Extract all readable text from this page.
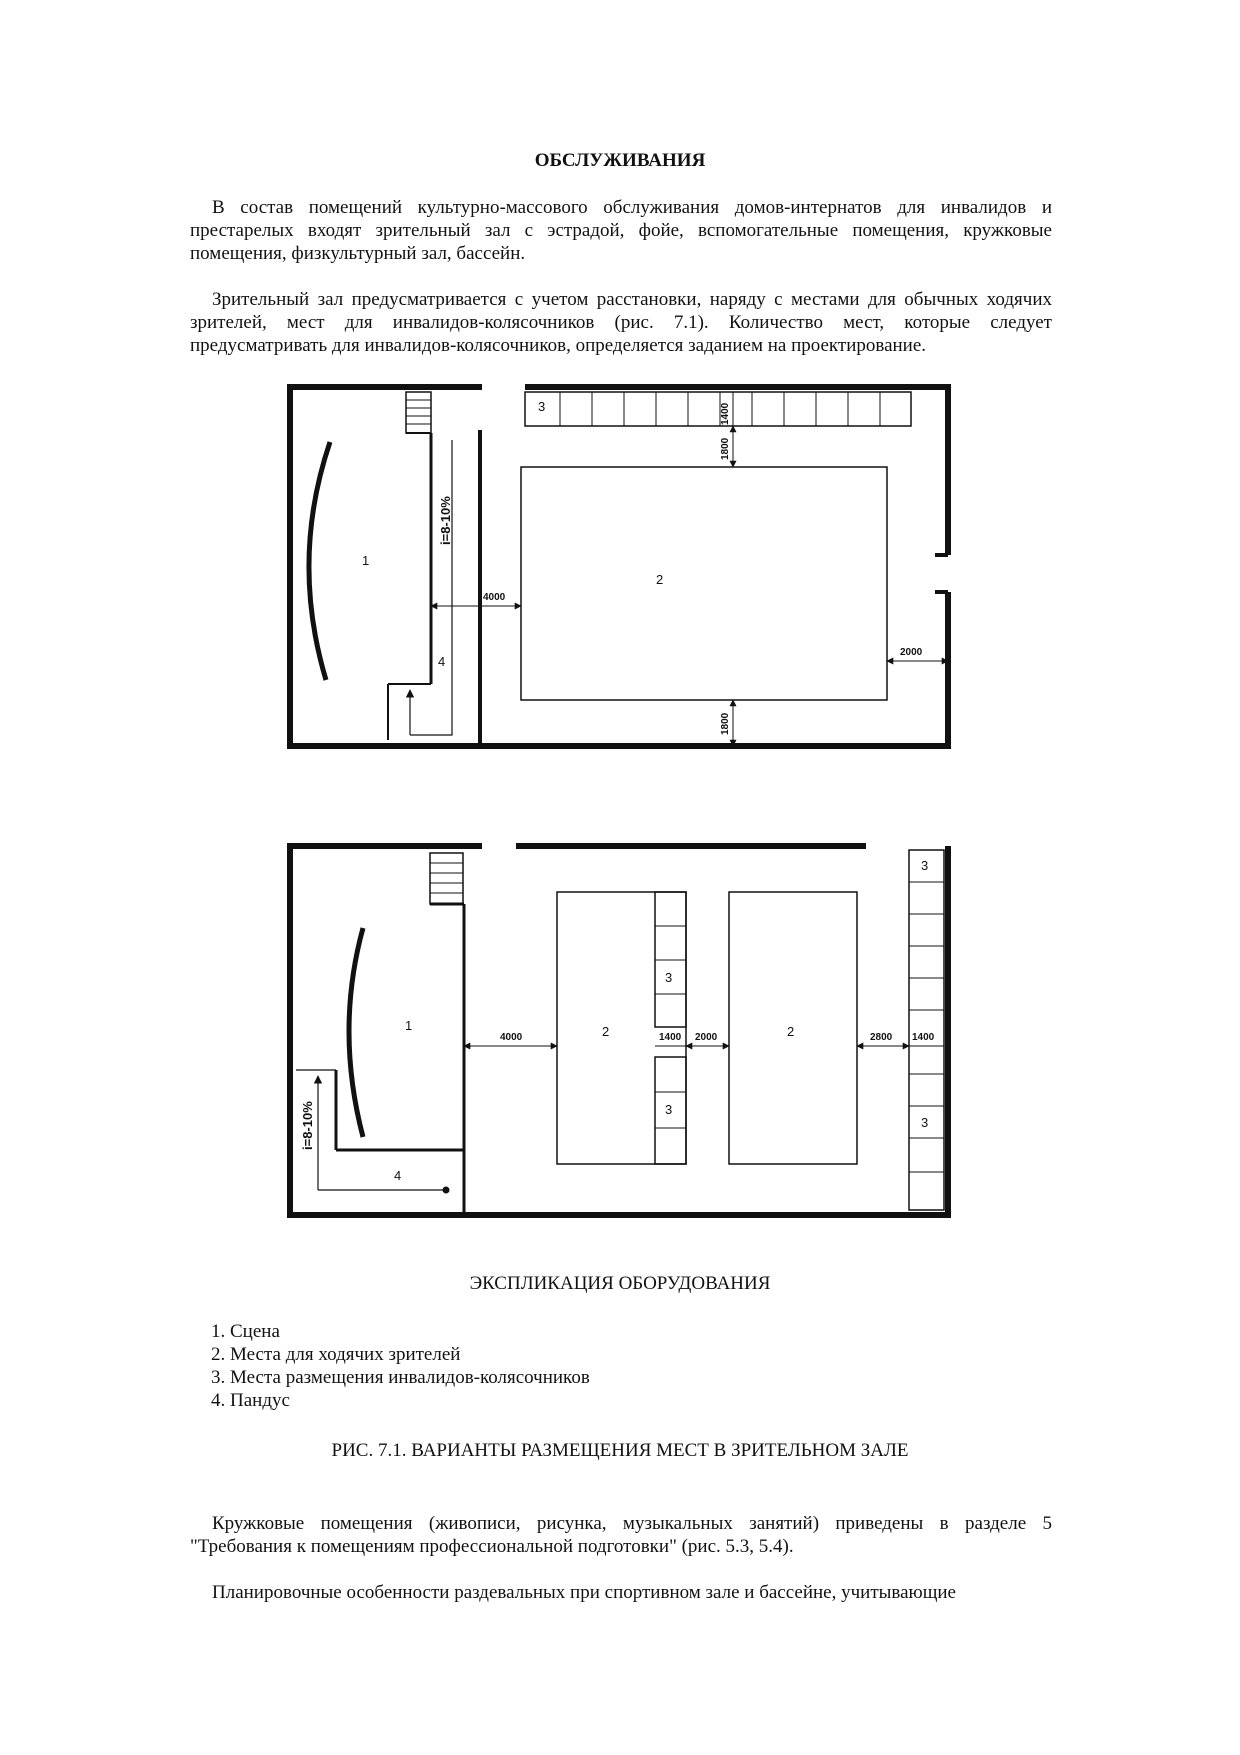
ОБСЛУЖИВАНИЯ
В состав помещений культурно-массового обслуживания домов-интернатов для инвалидов и престарелых входят зрительный зал с эстрадой, фойе, вспомогательные помещения, кружковые помещения, физкультурный зал, бассейн.
Зрительный зал предусматривается с учетом расстановки, наряду с местами для обычных ходячих зрителей, мест для инвалидов-колясочников (рис. 7.1). Количество мест, которые следует предусматривать для инвалидов-колясочников, определяется заданием на проектирование.
1
2
3
4
i=8-10%
4000
1400
1800
1800
2000
1	2	2
3
3
3
3
4
i=8-10%
4000	1400 2000	2800 1400
ЭКСПЛИКАЦИЯ ОБОРУДОВАНИЯ
1. Сцена
2. Места для ходячих зрителей
3. Места размещения инвалидов-колясочников
4. Пандус
РИС. 7.1. ВАРИАНТЫ РАЗМЕЩЕНИЯ МЕСТ В ЗРИТЕЛЬНОМ ЗАЛЕ
Кружковые помещения (живописи, рисунка, музыкальных занятий) приведены в разделе 5 "Требования к помещениям профессиональной подготовки" (рис. 5.3, 5.4).
Планировочные особенности раздевальных при спортивном зале и бассейне, учитывающие
